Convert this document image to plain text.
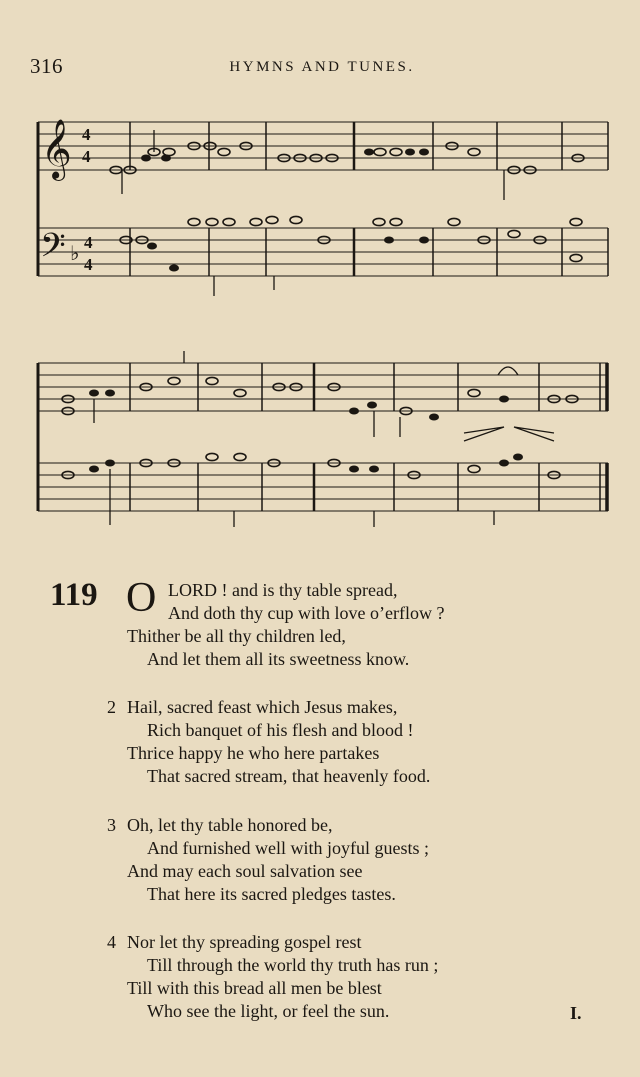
316	HYMNS AND TUNES.
𝄞
𝄢 ♭
4
4
4
4
119 O LORD ! and is thy table spread,
And doth thy cup with love o’erflow ?
Thither be all thy children led,
And let them all its sweetness know.
2 Hail, sacred feast which Jesus makes,
Rich banquet of his flesh and blood !
Thrice happy he who here partakes
That sacred stream, that heavenly food.
3 Oh, let thy table honored be,
And furnished well with joyful guests ;
And may each soul salvation see
That here its sacred pledges tastes.
4 Nor let thy spreading gospel rest
Till through the world thy truth has run ;
Till with this bread all men be blest
Who see the light, or feel the sun.	I.
